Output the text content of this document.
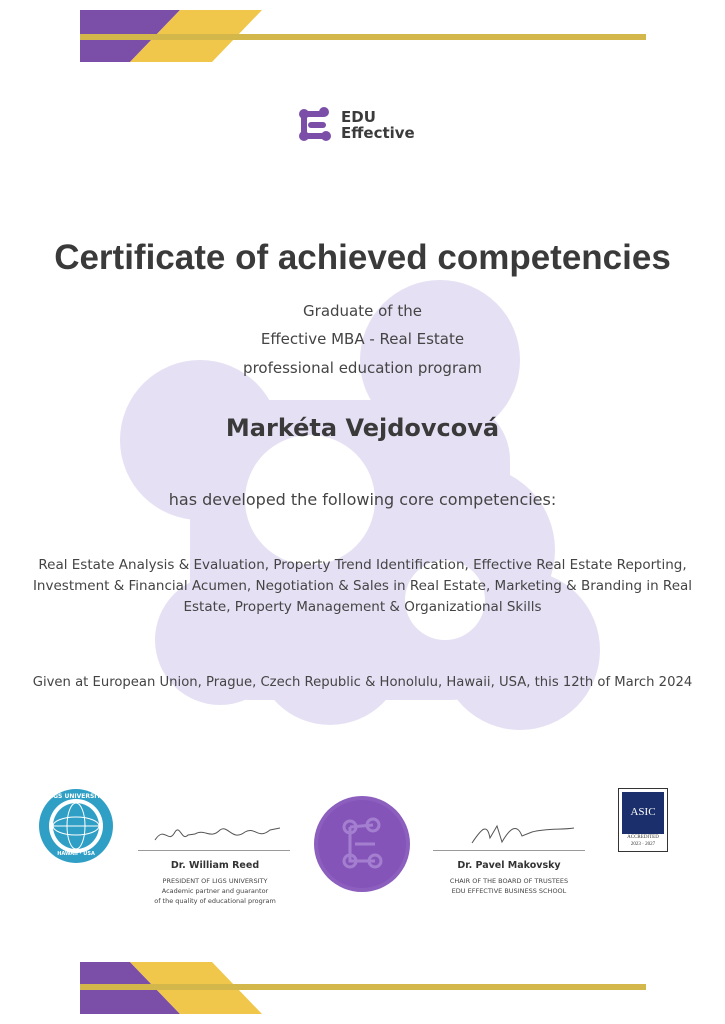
EDU
Effective
Certificate of achieved competencies
Graduate of the
Effective MBA - Real Estate
professional education program
Markéta Vejdovcová
has developed the following core competencies:
Real Estate Analysis & Evaluation, Property Trend Identification, Effective Real Estate Reporting, Investment & Financial Acumen, Negotiation & Sales in Real Estate, Marketing & Branding in Real Estate, Property Management & Organizational Skills
Given at European Union, Prague, Czech Republic & Honolulu, Hawaii, USA, this 12th of March 2024
LIGS UNIVERSITY
HAWAII · USA
Dr. William Reed
PRESIDENT OF LIGS UNIVERSITY
Academic partner and guarantor
of the quality of educational program
Dr. Pavel Makovsky
CHAIR OF THE BOARD OF TRUSTEES
EDU EFFECTIVE BUSINESS SCHOOL
ASIC
ACCREDITED
2023 · 2027
